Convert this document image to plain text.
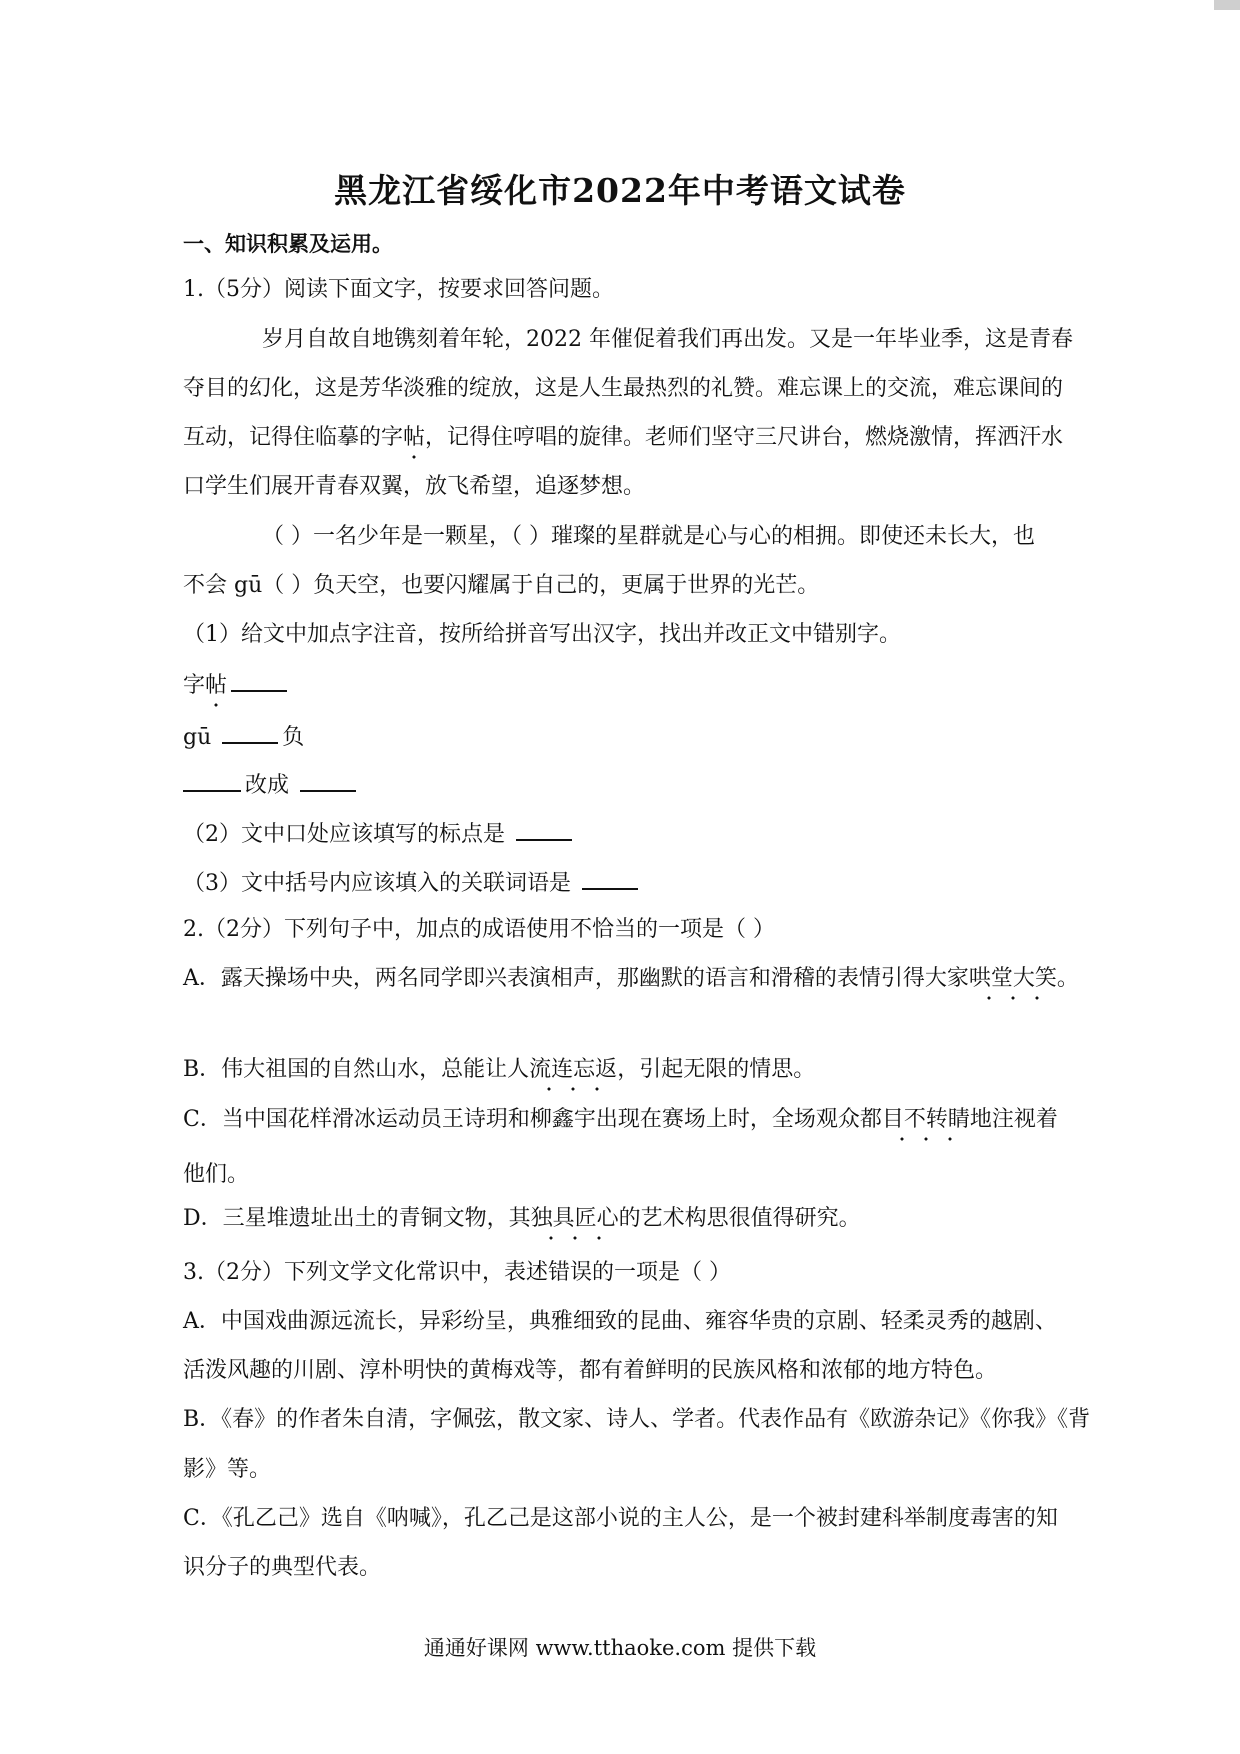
黑龙江省绥化市2022年中考语文试卷
一、知识积累及运用。
1.（5分）阅读下面文字，按要求回答问题。
岁月自故自地镌刻着年轮，2022 年催促着我们再出发。又是一年毕业季，这是青春
夺目的幻化，这是芳华淡雅的绽放，这是人生最热烈的礼赞。难忘课上的交流，难忘课间的
互动，记得住临摹的字帖，记得住哼唱的旋律。老师们坚守三尺讲台，燃烧激情，挥洒汗水
口学生们展开青春双翼，放飞希望，追逐梦想。
（ ）一名少年是一颗星，（ ）璀璨的星群就是心与心的相拥。即使还未长大，也
不会 gū（ ）负天空，也要闪耀属于自己的，更属于世界的光芒。
（1）给文中加点字注音，按所给拼音写出汉字，找出并改正文中错别字。
字帖
gū	负
改成
（2）文中口处应该填写的标点是
（3）文中括号内应该填入的关联词语是
2.（2分）下列句子中，加点的成语使用不恰当的一项是（ ）
A．露天操场中央，两名同学即兴表演相声，那幽默的语言和滑稽的表情引得大家哄堂大笑。
B．伟大祖国的自然山水，总能让人流连忘返，引起无限的情思。
C．当中国花样滑冰运动员王诗玥和柳鑫宇出现在赛场上时，全场观众都目不转睛地注视着
他们。
D．三星堆遗址出土的青铜文物，其独具匠心的艺术构思很值得研究。
3.（2分）下列文学文化常识中，表述错误的一项是（ ）
A．中国戏曲源远流长，异彩纷呈，典雅细致的昆曲、雍容华贵的京剧、轻柔灵秀的越剧、
活泼风趣的川剧、淳朴明快的黄梅戏等，都有着鲜明的民族风格和浓郁的地方特色。
B．《春》的作者朱自清，字佩弦，散文家、诗人、学者。代表作品有《欧游杂记》《你我》《背
影》等。
C．《孔乙己》选自《呐喊》，孔乙己是这部小说的主人公，是一个被封建科举制度毒害的知
识分子的典型代表。
通通好课网 www.tthaoke.com 提供下载
